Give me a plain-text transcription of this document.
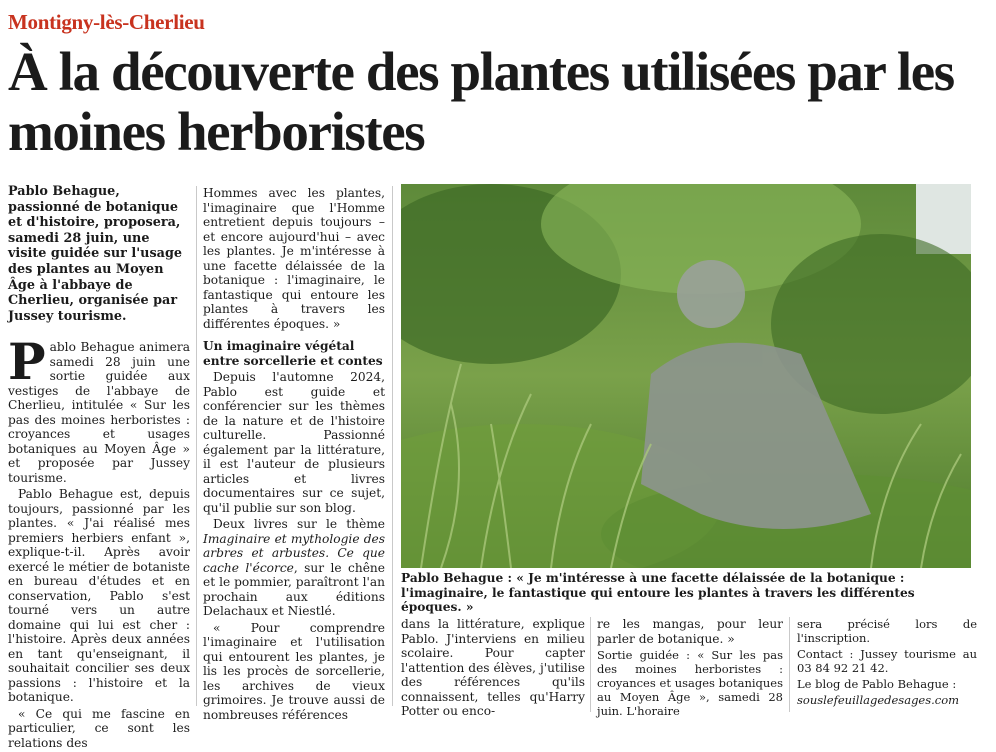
Montigny-lès-Cherlieu
À la découverte des plantes utilisées par les moines herboristes
Pablo Behague, passionné de botanique et d'histoire, proposera, samedi 28 juin, une visite guidée sur l'usage des plantes au Moyen Âge à l'abbaye de Cherlieu, organisée par Jussey tourisme.

Pablo Behague animera samedi 28 juin une sortie guidée aux vestiges de l'abbaye de Cherlieu, intitulée « Sur les pas des moines herboristes : croyances et usages botaniques au Moyen Âge » et proposée par Jussey tourisme.

Pablo Behague est, depuis toujours, passionné par les plantes. « J'ai réalisé mes premiers herbiers enfant », explique-t-il. Après avoir exercé le métier de botaniste en bureau d'études et en conservation, Pablo s'est tourné vers un autre domaine qui lui est cher : l'histoire. Après deux années en tant qu'enseignant, il souhaitait concilier ses deux passions : l'histoire et la botanique.

« Ce qui me fascine en particulier, ce sont les relations des

Hommes avec les plantes, l'imaginaire que l'Homme entretient depuis toujours – et encore aujourd'hui – avec les plantes. Je m'intéresse à une facette délaissée de la botanique : l'imaginaire, le fantastique qui entoure les plantes à travers les différentes époques. »

Un imaginaire végétal entre sorcellerie et contes

Depuis l'automne 2024, Pablo est guide et conférencier sur les thèmes de la nature et de l'histoire culturelle. Passionné également par la littérature, il est l'auteur de plusieurs articles et livres documentaires sur ce sujet, qu'il publie sur son blog.

Deux livres sur le thème Imaginaire et mythologie des arbres et arbustes. Ce que cache l'écorce, sur le chêne et le pommier, paraîtront l'an prochain aux éditions Delachaux et Niestlé.

« Pour comprendre l'imaginaire et l'utilisation qui entourent les plantes, je lis les procès de sorcellerie, les archives de vieux grimoires. Je trouve aussi de nombreuses références

Pablo Behague : « Je m'intéresse à une facette délaissée de la botanique : l'imaginaire, le fantastique qui entoure les plantes à travers les différentes époques. »

dans la littérature, explique Pablo. J'interviens en milieu scolaire. Pour capter l'attention des élèves, j'utilise des références qu'ils connaissent, telles qu'Harry Potter ou enco-

re les mangas, pour leur parler de botanique. »

Sortie guidée : « Sur les pas des moines herboristes : croyances et usages botaniques au Moyen Âge », samedi 28 juin. L'horaire

sera précisé lors de l'inscription.

Contact : Jussey tourisme au 03 84 92 21 42.

Le blog de Pablo Behague :

souslefeuillagedesages.com
